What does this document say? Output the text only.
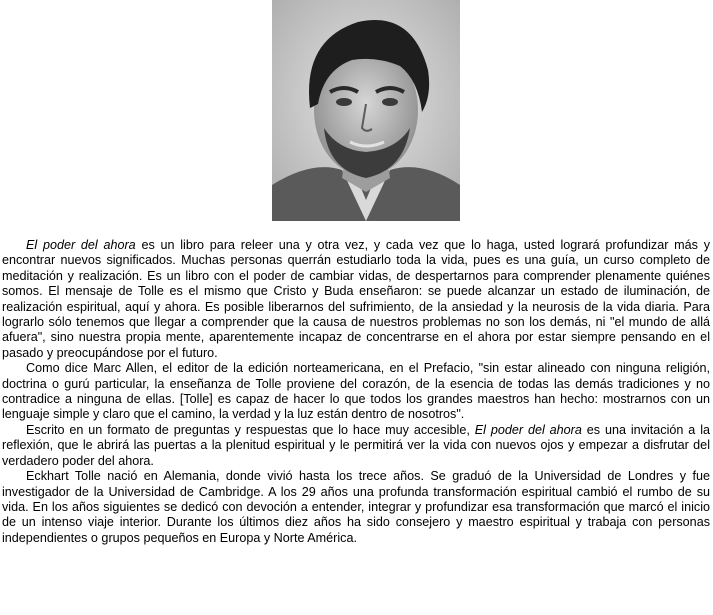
El poder del ahora es un libro para releer una y otra vez, y cada vez que lo haga, usted logrará profundizar más y encontrar nuevos significados. Muchas personas querrán estudiarlo toda la vida, pues es una guía, un curso completo de meditación y realización. Es un libro con el poder de cambiar vidas, de despertarnos para comprender plenamente quiénes somos. El mensaje de Tolle es el mismo que Cristo y Buda enseñaron: se puede alcanzar un estado de iluminación, de realización espiritual, aquí y ahora. Es posible liberarnos del sufrimiento, de la ansiedad y la neurosis de la vida diaria. Para lograrlo sólo tenemos que llegar a comprender que la causa de nuestros problemas no son los demás, ni "el mundo de allá afuera", sino nuestra propia mente, aparentemente incapaz de concentrarse en el ahora por estar siempre pensando en el pasado y preocupándose por el futuro.

Como dice Marc Allen, el editor de la edición norteamericana, en el Prefacio, "sin estar alineado con ninguna religión, doctrina o gurú particular, la enseñanza de Tolle proviene del corazón, de la esencia de todas las demás tradiciones y no contradice a ninguna de ellas. [Tolle] es capaz de hacer lo que todos los grandes maestros han hecho: mostrarnos con un lenguaje simple y claro que el camino, la verdad y la luz están dentro de nosotros".

Escrito en un formato de preguntas y respuestas que lo hace muy accesible, El poder del ahora es una invitación a la reflexión, que le abrirá las puertas a la plenitud espiritual y le permitirá ver la vida con nuevos ojos y empezar a disfrutar del verdadero poder del ahora.

Eckhart Tolle nació en Alemania, donde vivió hasta los trece años. Se graduó de la Universidad de Londres y fue investigador de la Universidad de Cambridge. A los 29 años una profunda transformación espiritual cambió el rumbo de su vida. En los años siguientes se dedicó con devoción a entender, integrar y profundizar esa transformación que marcó el inicio de un intenso viaje interior. Durante los últimos diez años ha sido consejero y maestro espiritual y trabaja con personas independientes o grupos pequeños en Europa y Norte América.
